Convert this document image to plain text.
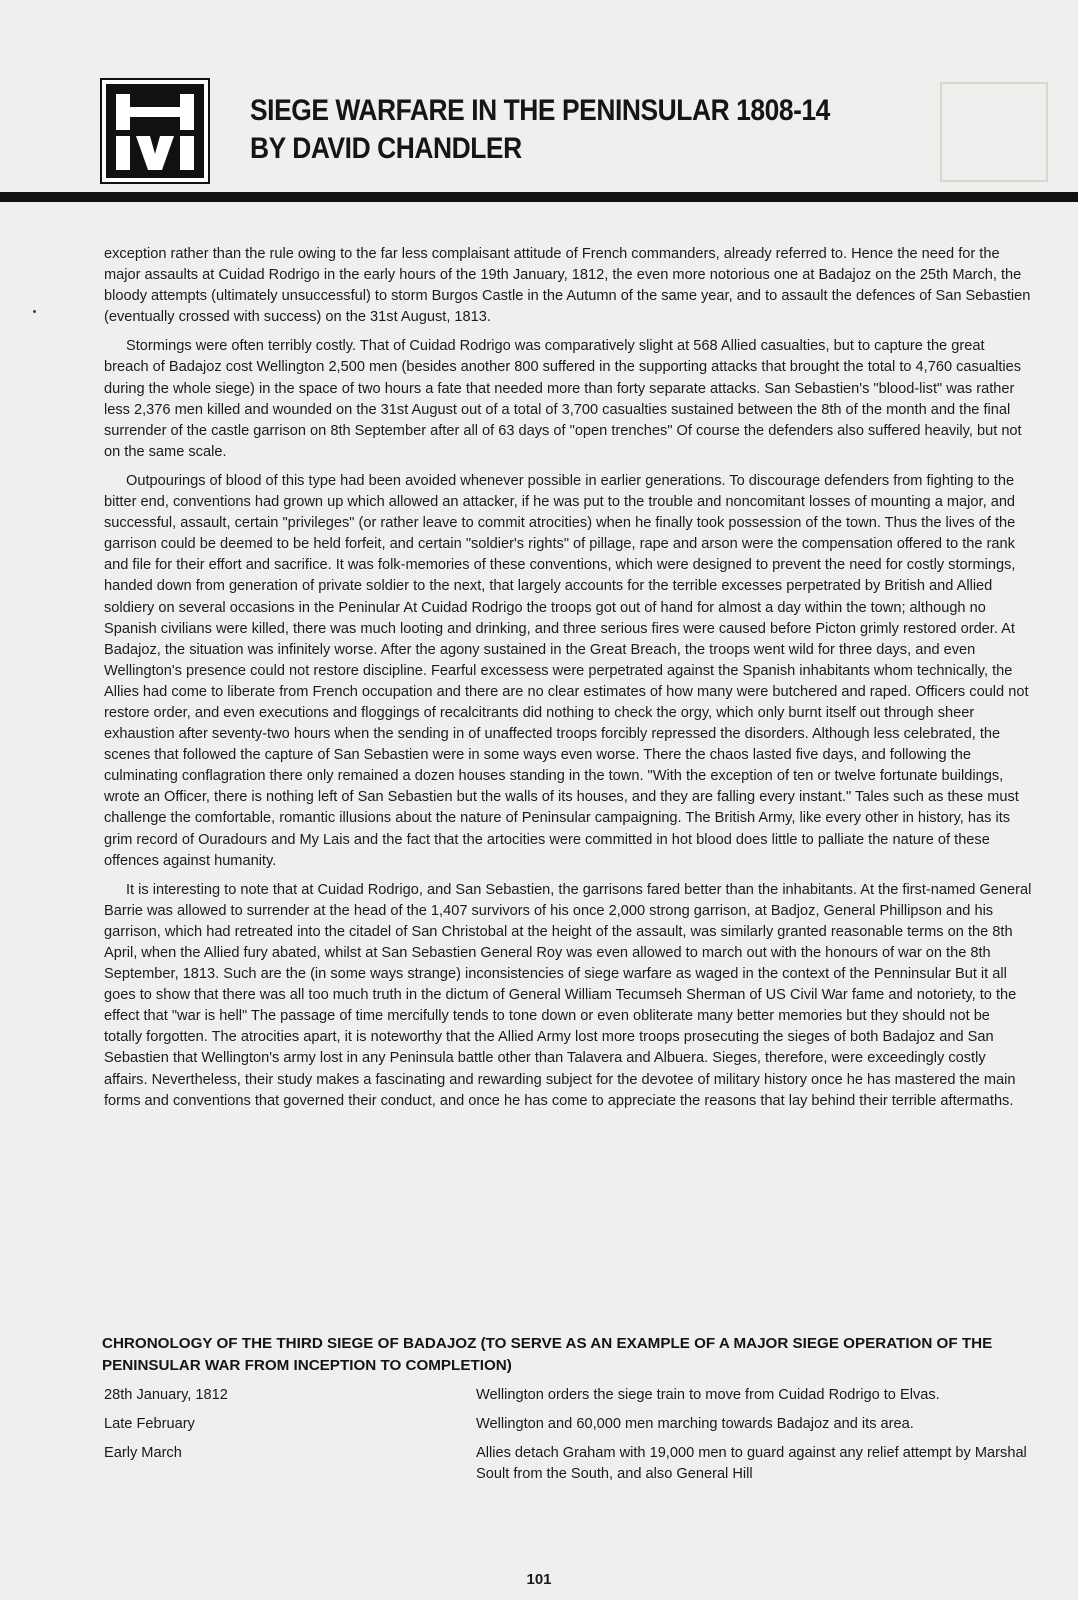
SIEGE WARFARE IN THE PENINSULAR 1808-14
BY DAVID CHANDLER

exception rather than the rule owing to the far less complaisant attitude of French commanders, already referred to. Hence the need for the major assaults at Cuidad Rodrigo in the early hours of the 19th January, 1812, the even more notorious one at Badajoz on the 25th March, the bloody attempts (ultimately unsuccessful) to storm Burgos Castle in the Autumn of the same year, and to assault the defences of San Sebastien (eventually crossed with success) on the 31st August, 1813.

Stormings were often terribly costly. That of Cuidad Rodrigo was comparatively slight at 568 Allied casualties, but to capture the great breach of Badajoz cost Wellington 2,500 men (besides another 800 suffered in the supporting attacks that brought the total to 4,760 casualties during the whole siege) in the space of two hours a fate that needed more than forty separate attacks. San Sebastien's "blood-list" was rather less 2,376 men killed and wounded on the 31st August out of a total of 3,700 casualties sustained between the 8th of the month and the final surrender of the castle garrison on 8th September after all of 63 days of "open trenches" Of course the defenders also suffered heavily, but not on the same scale.

Outpourings of blood of this type had been avoided whenever possible in earlier generations. To discourage defenders from fighting to the bitter end, conventions had grown up which allowed an attacker, if he was put to the trouble and noncomitant losses of mounting a major, and successful, assault, certain "privileges" (or rather leave to commit atrocities) when he finally took possession of the town. Thus the lives of the garrison could be deemed to be held forfeit, and certain "soldier's rights" of pillage, rape and arson were the compensation offered to the rank and file for their effort and sacrifice. It was folk-memories of these conventions, which were designed to prevent the need for costly stormings, handed down from generation of private soldier to the next, that largely accounts for the terrible excesses perpetrated by British and Allied soldiery on several occasions in the Peninular At Cuidad Rodrigo the troops got out of hand for almost a day within the town; although no Spanish civilians were killed, there was much looting and drinking, and three serious fires were caused before Picton grimly restored order. At Badajoz, the situation was infinitely worse. After the agony sustained in the Great Breach, the troops went wild for three days, and even Wellington's presence could not restore discipline. Fearful excessess were perpetrated against the Spanish inhabitants whom technically, the Allies had come to liberate from French occupation and there are no clear estimates of how many were butchered and raped. Officers could not restore order, and even executions and floggings of recalcitrants did nothing to check the orgy, which only burnt itself out through sheer exhaustion after seventy-two hours when the sending in of unaffected troops forcibly repressed the disorders. Although less celebrated, the scenes that followed the capture of San Sebastien were in some ways even worse. There the chaos lasted five days, and following the culminating conflagration there only remained a dozen houses standing in the town. "With the exception of ten or twelve fortunate buildings, wrote an Officer, there is nothing left of San Sebastien but the walls of its houses, and they are falling every instant." Tales such as these must challenge the comfortable, romantic illusions about the nature of Peninsular campaigning. The British Army, like every other in history, has its grim record of Ouradours and My Lais and the fact that the artocities were committed in hot blood does little to palliate the nature of these offences against humanity.

It is interesting to note that at Cuidad Rodrigo, and San Sebastien, the garrisons fared better than the inhabitants. At the first-named General Barrie was allowed to surrender at the head of the 1,407 survivors of his once 2,000 strong garrison, at Badjoz, General Phillipson and his garrison, which had retreated into the citadel of San Christobal at the height of the assault, was similarly granted reasonable terms on the 8th April, when the Allied fury abated, whilst at San Sebastien General Roy was even allowed to march out with the honours of war on the 8th September, 1813. Such are the (in some ways strange) inconsistencies of siege warfare as waged in the context of the Penninsular But it all goes to show that there was all too much truth in the dictum of General William Tecumseh Sherman of US Civil War fame and notoriety, to the effect that "war is hell" The passage of time mercifully tends to tone down or even obliterate many better memories but they should not be totally forgotten. The atrocities apart, it is noteworthy that the Allied Army lost more troops prosecuting the sieges of both Badajoz and San Sebastien that Wellington's army lost in any Peninsula battle other than Talavera and Albuera. Sieges, therefore, were exceedingly costly affairs. Nevertheless, their study makes a fascinating and rewarding subject for the devotee of military history once he has mastered the main forms and conventions that governed their conduct, and once he has come to appreciate the reasons that lay behind their terrible aftermaths.

CHRONOLOGY OF THE THIRD SIEGE OF BADAJOZ (TO SERVE AS AN EXAMPLE OF A MAJOR SIEGE OPERATION OF THE PENINSULAR WAR FROM INCEPTION TO COMPLETION)
28th January, 1812	Wellington orders the siege train to move from Cuidad Rodrigo to Elvas.
Late February	Wellington and 60,000 men marching towards Badajoz and its area.
Early March	Allies detach Graham with 19,000 men to guard against any relief attempt by Marshal Soult from the South, and also General Hill
101
